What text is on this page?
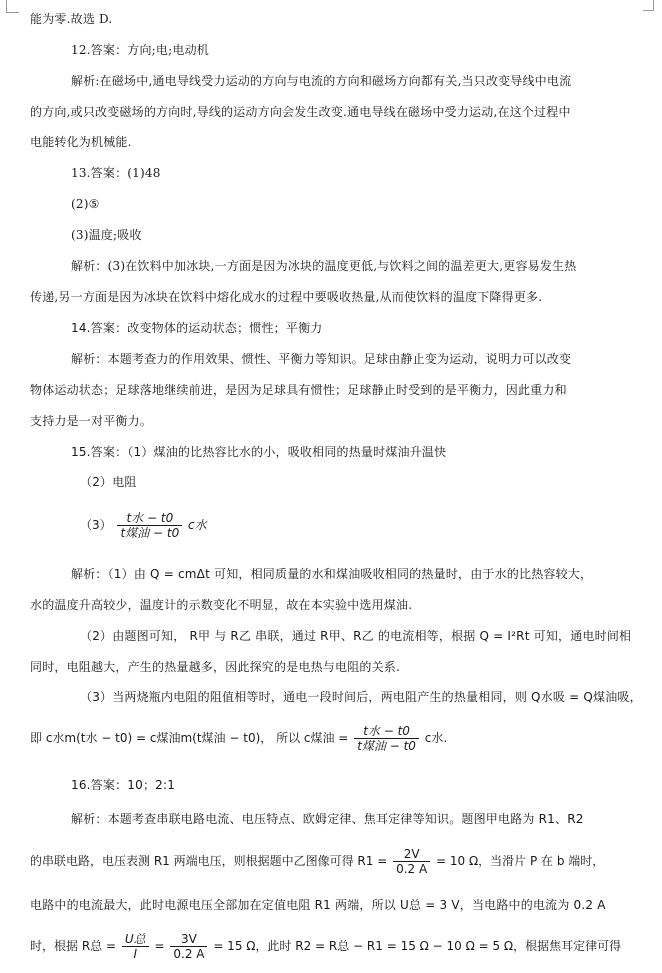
能为零.故选 D.
12.答案：方向;电;电动机
解析:在磁场中,通电导线受力运动的方向与电流的方向和磁场方向都有关,当只改变导线中电流
的方向,或只改变磁场的方向时,导线的运动方向会发生改变.通电导线在磁场中受力运动,在这个过程中
电能转化为机械能.
13.答案：(1)48
(2)⑤
(3)温度;吸收
解析：(3)在饮料中加冰块,一方面是因为冰块的温度更低,与饮料之间的温差更大,更容易发生热
传递,另一方面是因为冰块在饮料中熔化成水的过程中要吸收热量,从而使饮料的温度下降得更多.
14.答案：改变物体的运动状态；惯性；平衡力
解析：本题考查力的作用效果、惯性、平衡力等知识。足球由静止变为运动，说明力可以改变
物体运动状态；足球落地继续前进，是因为足球具有惯性；足球静止时受到的是平衡力，因此重力和
支持力是一对平衡力。
15.答案：（1）煤油的比热容比水的小，吸收相同的热量时煤油升温快
（2）电阻
$(3) \frac{\text{t水 − t0}}{\text{t煤油 − t0}}$ c水
解析：（1）由 Q = cmΔt 可知，相同质量的水和煤油吸收相同的热量时，由于水的比热容较大，
水的温度升高较少，温度计的示数变化不明显，故在本实验中选用煤油.
（2）由题图可知， R甲 与 R乙 串联，通过 R甲、R乙 的电流相等，根据 Q = I²Rt 可知，通电时间相
同时，电阻越大，产生的热量越多，因此探究的是电热与电阻的关系.
（3）当两烧瓶内电阻的阻值相等时，通电一段时间后，两电阻产生的热量相同，则 Q水吸 = Q煤油吸，
即 c水m(t水 − t0) = c煤油m(t煤油 − t0)， 所以 c煤油 = $\frac{\text{t水 − t0}}{\text{t煤油 − t0}}$ c水.
16.答案：10；2:1
解析：本题考查串联电路电流、电压特点、欧姆定律、焦耳定律等知识。题图甲电路为 R1、R2
的串联电路，电压表测 R1 两端电压，则根据题中乙图像可得 $R1 = \frac{2V}{0.2 A} = 10$ Ω，当滑片 P 在 b 端时，
电路中的电流最大，此时电源电压全部加在定值电阻 R1 两端，所以 U总 = 3 V，当电路中的电流为 0.2 A
时，根据 R总 = $\frac{\text{U总}}{I} = \frac{3V}{0.2 A} = 15$ Ω，此时 R2 = R总 − R1 = 15 Ω − 10 Ω = 5 Ω，根据焦耳定律可得
